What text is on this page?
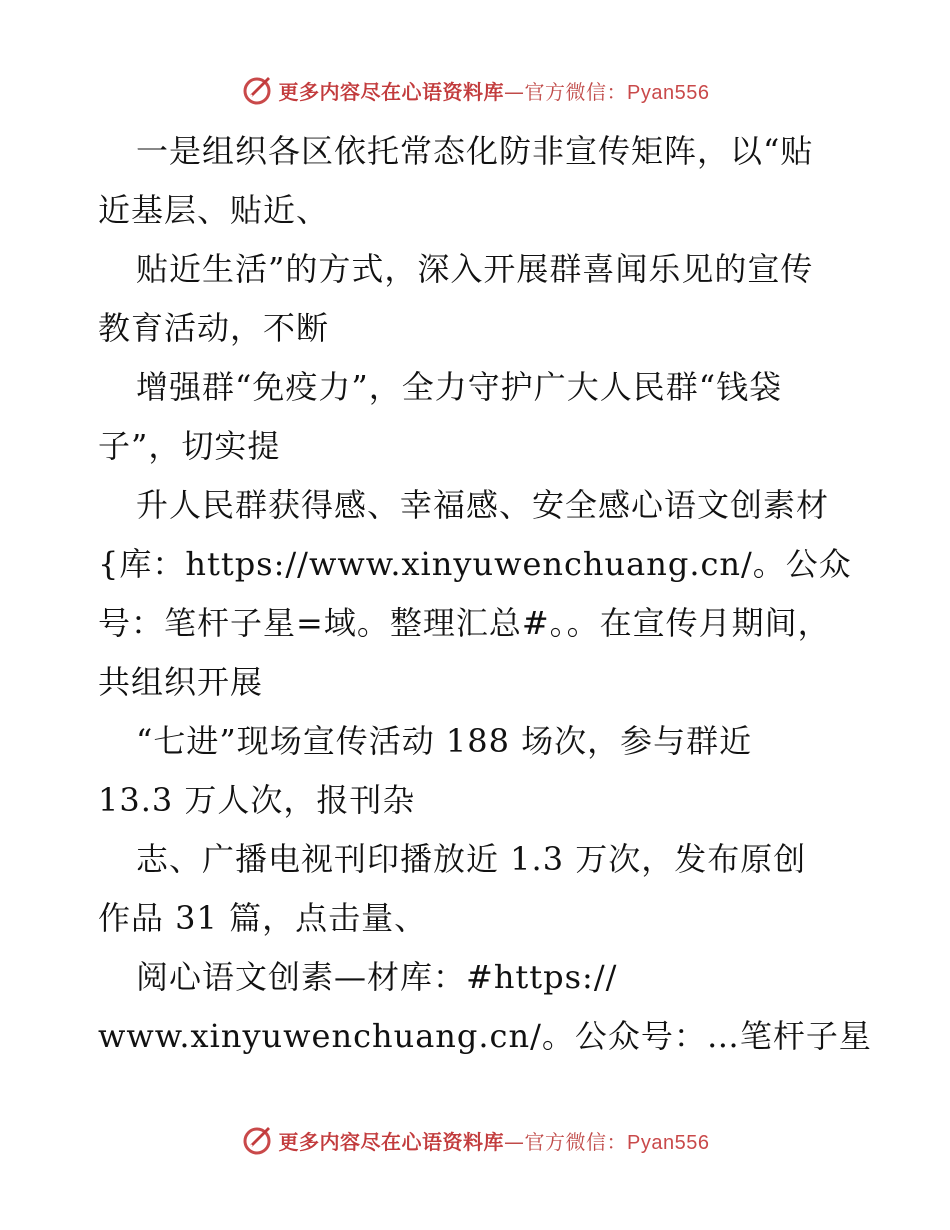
更多内容尽在心语资料库—官方微信：Pyan556
一是组织各区依托常态化防非宣传矩阵，以“贴
近基层、贴近、
贴近生活”的方式，深入开展群喜闻乐见的宣传
教育活动，不断
增强群“免疫力”，全力守护广大人民群“钱袋
子”，切实提
升人民群获得感、幸福感、安全感心语文创素材
{库：https://www.xinyuwenchuang.cn/。公众
号：笔杆子星=域。整理汇总#。。在宣传月期间，
共组织开展
“七进”现场宣传活动 188 场次，参与群近
13.3 万人次，报刊杂
志、广播电视刊印播放近 1.3 万次，发布原创
作品 31 篇，点击量、
阅心语文创素—材库：#https://
www.xinyuwenchuang.cn/。公众号：…笔杆子星
更多内容尽在心语资料库—官方微信：Pyan556
